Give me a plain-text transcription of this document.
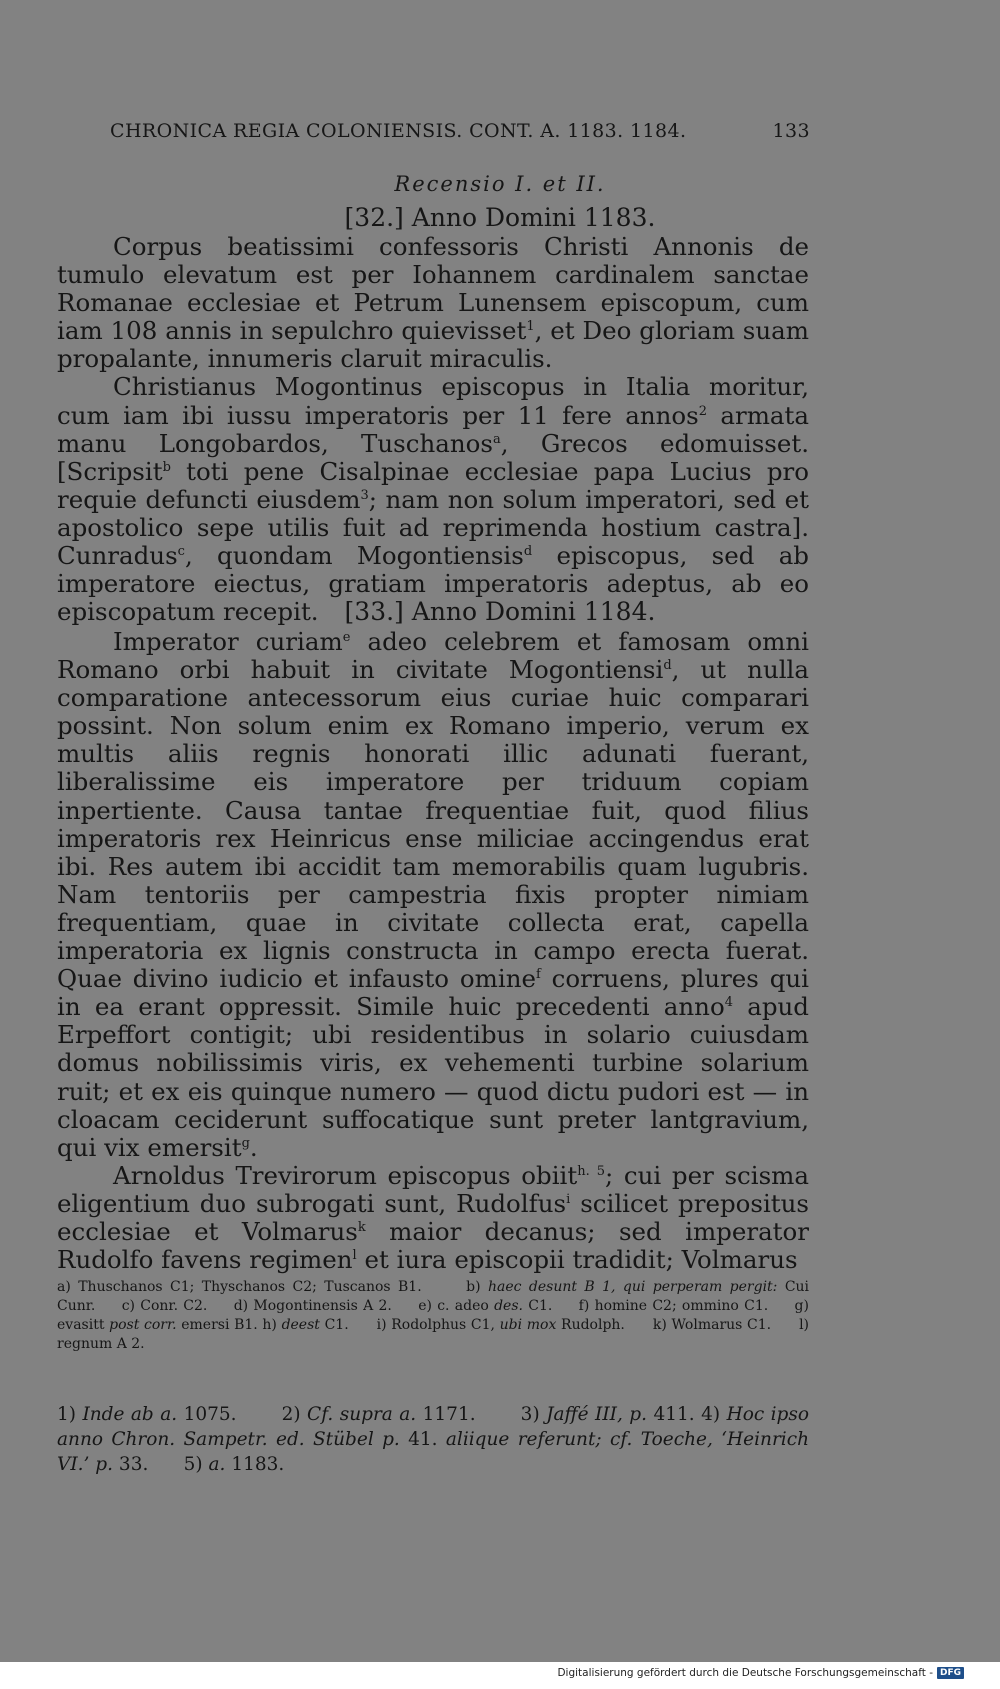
CHRONICA REGIA COLONIENSIS. CONT. A. 1183. 1184.	133
Recensio I. et II.
[32.] Anno Domini 1183.

Corpus beatissimi confessoris Christi Annonis de tumulo elevatum est per Iohannem cardinalem sanctae Romanae ecclesiae et Petrum Lunensem episcopum, cum iam 108 annis in sepulchro quievisset$^1$, et Deo gloriam suam propalante, innumeris claruit miraculis.

Christianus Mogontinus episcopus in Italia moritur, cum iam ibi iussu imperatoris per 11 fere annos$^2$ armata manu Longobardos, Tuschanos$^a$, Grecos edomuisset. [Scripsit$^b$ toti pene Cisalpinae ecclesiae papa Lucius pro requie defuncti eiusdem$^3$; nam non solum imperatori, sed et apostolico sepe utilis fuit ad reprimenda hostium castra]. Cunradus$^c$, quondam Mogontiensis$^d$ episcopus, sed ab imperatore eiectus, gratiam imperatoris adeptus, ab eo episcopatum recepit.	[33.] Anno Domini 1184.

Imperator curiam$^e$ adeo celebrem et famosam omni Romano orbi habuit in civitate Mogontiensi$^d$, ut nulla comparatione antecessorum eius curiae huic comparari possint. Non solum enim ex Romano imperio, verum ex multis aliis regnis honorati illic adunati fuerant, liberalissime eis imperatore per triduum copiam inpertiente. Causa tantae frequentiae fuit, quod filius imperatoris rex Heinricus ense miliciae accingendus erat ibi. Res autem ibi accidit tam memorabilis quam lugubris. Nam tentoriis per campestria fixis propter nimiam frequentiam, quae in civitate collecta erat, capella imperatoria ex lignis constructa in campo erecta fuerat. Quae divino iudicio et infausto omine$^f$ corruens, plures qui in ea erant oppressit. Simile huic precedenti anno$^4$ apud Erpeffort contigit; ubi residentibus in solario cuiusdam domus nobilissimis viris, ex vehementi turbine solarium ruit; et ex eis quinque numero — quod dictu pudori est — in cloacam ceciderunt suffocatique sunt preter lantgravium, qui vix emersit$^g$.

Arnoldus Trevirorum episcopus obiit$^{h. 5}$; cui per scisma eligentium duo subrogati sunt, Rudolfus$^i$ scilicet prepositus ecclesiae et Volmarus$^k$ maior decanus; sed imperator Rudolfo favens regimen$^l$ et iura episcopii tradidit; Volmarus

a) Thuschanos C1; Thyschanos C2; Tuscanos B1.	b) haec desunt B 1, qui perperam pergit: Cui Cunr. c) Conr. C2. d) Mogontinensis A 2. e) c. adeo des. C1. f) homine C2; ommino C1. g) evasitt post corr. emersi B1. h) deest C1. i) Rodolphus C1, ubi mox Rudolph. k) Wolmarus C1. l) regnum A 2.
1) Inde ab a. 1075. 2) Cf. supra a. 1171. 3) Jaffé III, p. 411. 4) Hoc ipso anno Chron. Sampetr. ed. Stübel p. 41. aliique referunt; cf. Toeche, ‘Heinrich VI.’ p. 33. 5) a. 1183.
Digitalisierung gefördert durch die Deutsche Forschungsgemeinschaft - DFG
